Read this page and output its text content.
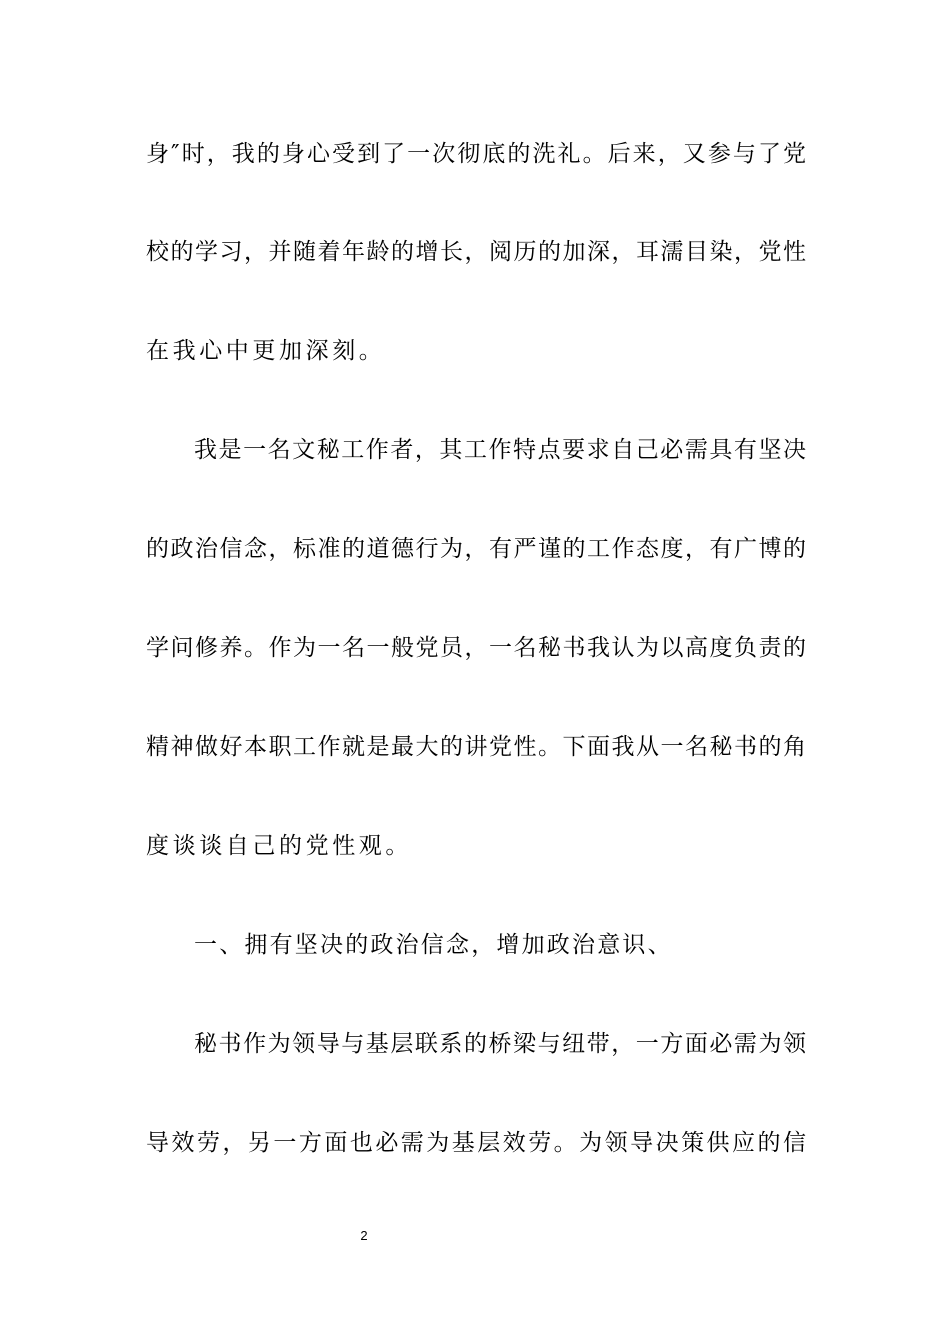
身″时，我的身心受到了一次彻底的洗礼。后来，又参与了党
校的学习，并随着年龄的增长，阅历的加深，耳濡目染，党性
在我心中更加深刻。
我是一名文秘工作者，其工作特点要求自己必需具有坚决
的政治信念，标准的道德行为，有严谨的工作态度，有广博的
学问修养。作为一名一般党员，一名秘书我认为以高度负责的
精神做好本职工作就是最大的讲党性。下面我从一名秘书的角
度谈谈自己的党性观。
一、拥有坚决的政治信念，增加政治意识、
秘书作为领导与基层联系的桥梁与纽带，一方面必需为领
导效劳，另一方面也必需为基层效劳。为领导决策供应的信
2
